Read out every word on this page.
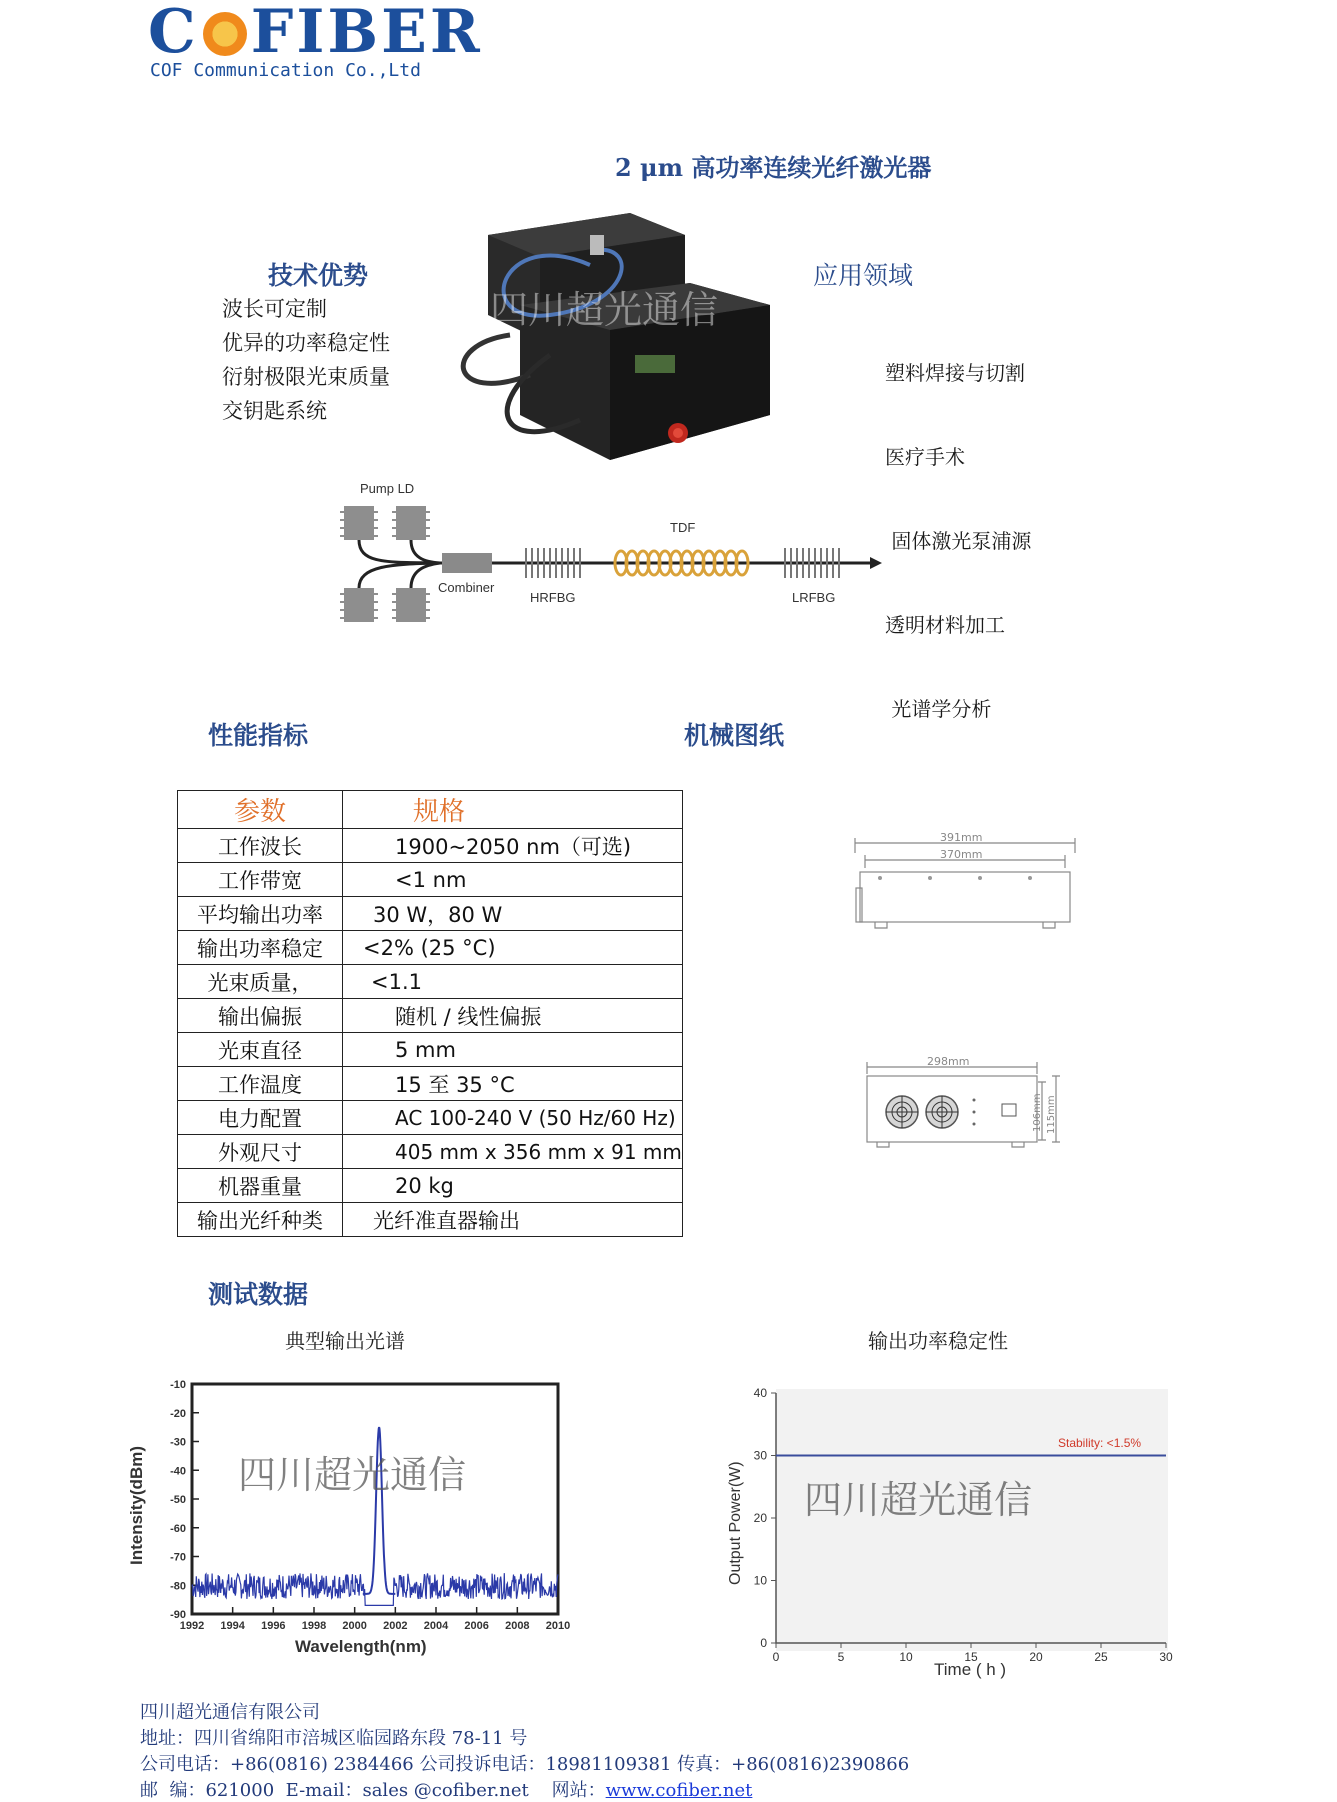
C FIBER
COF Communication Co.,Ltd
2 μm 高功率连续光纤激光器
技术优势
波长可定制
优异的功率稳定性
衍射极限光束质量
交钥匙系统
四川超光通信
应用领域

塑料焊接与切割

医疗手术

固体激光泵浦源

透明材料加工

光谱学分析

Pump LD
Combiner
HRFBG
TDF
LRFBG
性能指标	机械图纸
参数	规格
工作波长	1900~2050 nm（可选)
工作带宽	<1 nm
平均输出功率	30 W，80 W
输出功率稳定	<2% (25 °C)
光束质量，	<1.1
输出偏振	随机 / 线性偏振
光束直径	5 mm
工作温度	15 至 35 °C
电力配置	AC 100-240 V (50 Hz/60 Hz)
外观尺寸	405 mm x 356 mm x 91 mm
机器重量	20 kg
输出光纤种类	光纤准直器输出
391mm
370mm
298mm
106mm 115mm
测试数据
典型输出光谱	输出功率稳定性
-10
-20
-30
-40
-50
-60
-70
-80
-90
1992 1994 1996 1998 2000 2002 2004 2006 2008 2010
四川超光通信
Wavelength(nm)
Intensity(dBm)
0
10
20
30
40
0	5	10	15	20	25	30
Stability: <1.5%
四川超光通信
Time ( h )
Output Power(W)
四川超光通信有限公司
地址：四川省绵阳市涪城区临园路东段 78-11 号
公司电话：+86(0816) 2384466 公司投诉电话：18981109381 传真：+86(0816)2390866
邮  编：621000  E-mail：sales @cofiber.net    网站：www.cofiber.net
